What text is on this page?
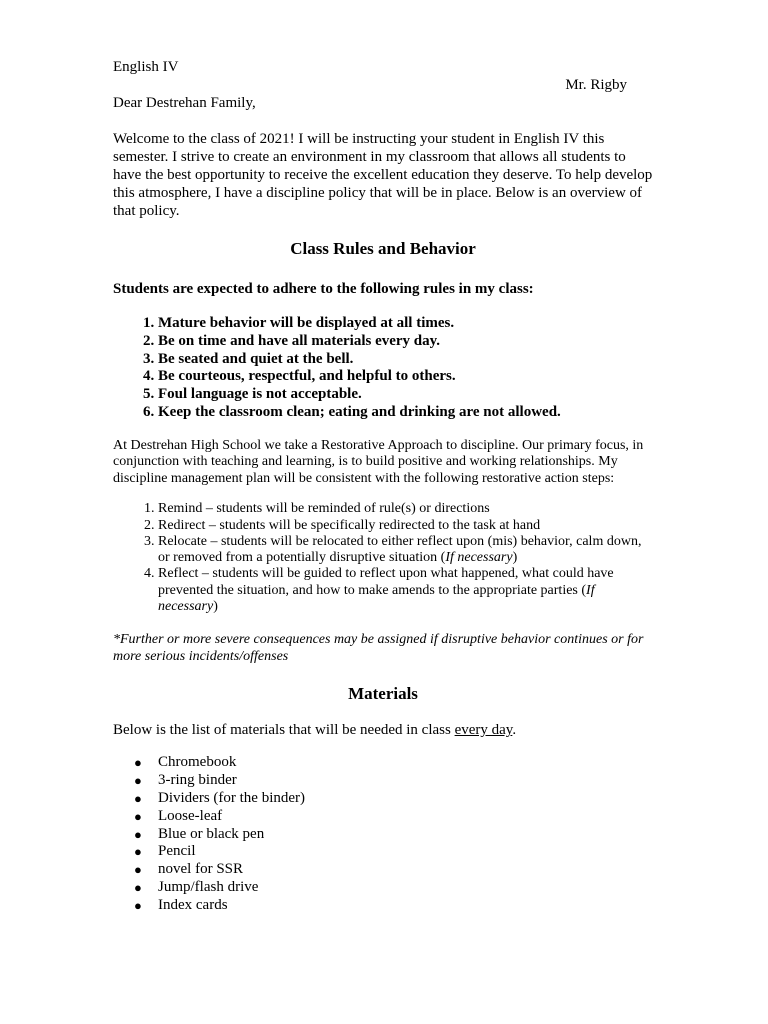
English IV

Mr. Rigby

Dear Destrehan Family,

Welcome to the class of 2021! I will be instructing your student in English IV this semester. I strive to create an environment in my classroom that allows all students to have the best opportunity to receive the excellent education they deserve. To help develop this atmosphere, I have a discipline policy that will be in place. Below is an overview of that policy.

Class Rules and Behavior

Students are expected to adhere to the following rules in my class:

1. Mature behavior will be displayed at all times.
2. Be on time and have all materials every day.
3. Be seated and quiet at the bell.
4. Be courteous, respectful, and helpful to others.
5. Foul language is not acceptable.
6. Keep the classroom clean; eating and drinking are not allowed.

At Destrehan High School we take a Restorative Approach to discipline. Our primary focus, in conjunction with teaching and learning, is to build positive and working relationships. My discipline management plan will be consistent with the following restorative action steps:

1. Remind – students will be reminded of rule(s) or directions
2. Redirect – students will be specifically redirected to the task at hand
3. Relocate – students will be relocated to either reflect upon (mis) behavior, calm down, or removed from a potentially disruptive situation (If necessary)
4. Reflect – students will be guided to reflect upon what happened, what could have prevented the situation, and how to make amends to the appropriate parties (If necessary)

*Further or more severe consequences may be assigned if disruptive behavior continues or for more serious incidents/offenses

Materials

Below is the list of materials that will be needed in class every day.

● Chromebook
● 3-ring binder
● Dividers (for the binder)
● Loose-leaf
● Blue or black pen
● Pencil
● novel for SSR
● Jump/flash drive
● Index cards
